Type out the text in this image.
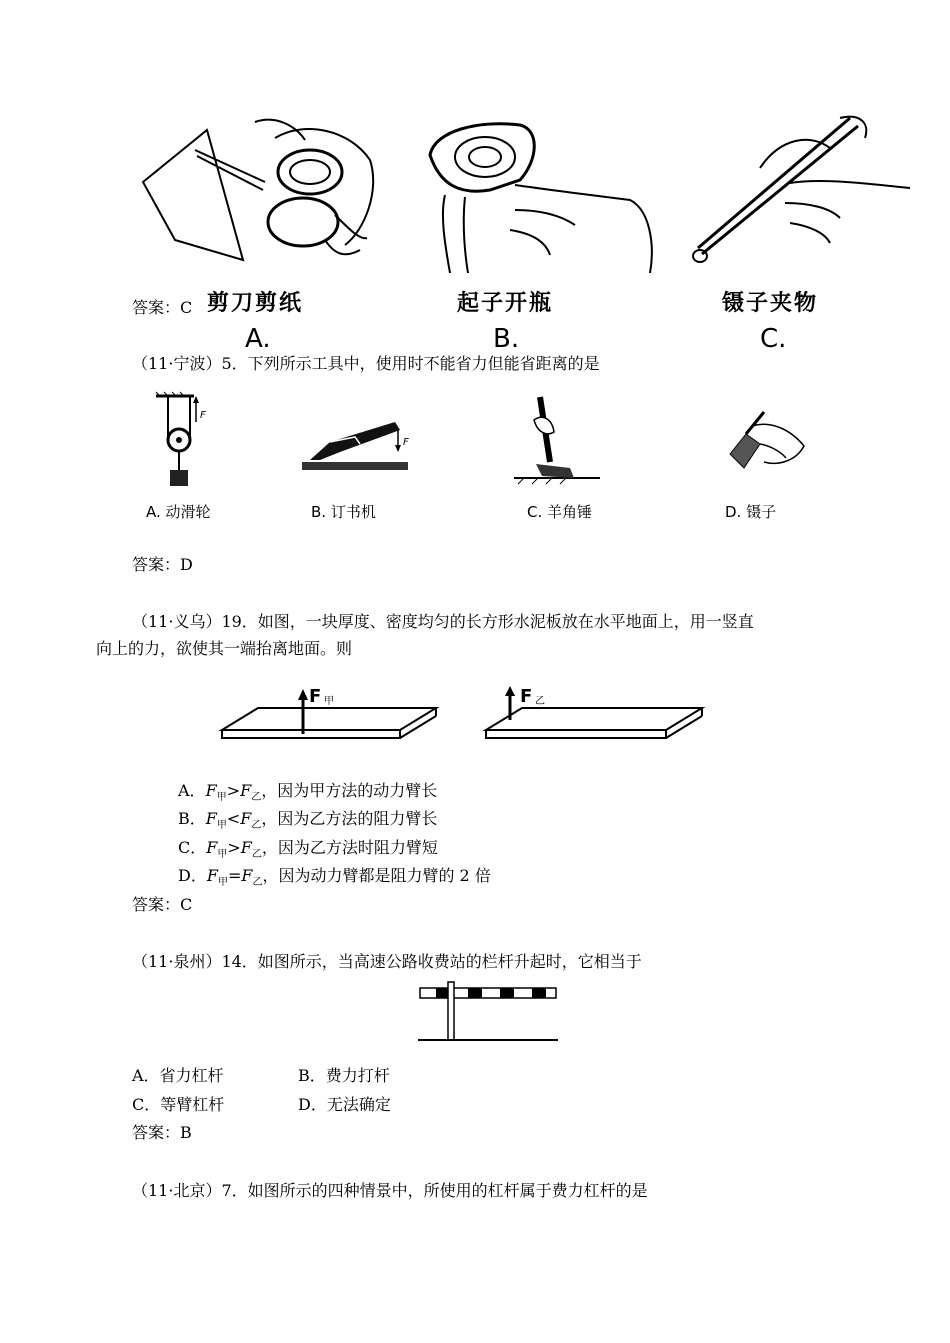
剪刀剪纸	起子开瓶	镊子夹物
A.	B.	C.
答案：C
（11·宁波）5．下列所示工具中，使用时不能省力但能省距离的是
F
F
A. 动滑轮	B. 订书机	C. 羊角锤	D. 镊子
答案：D
（11·义乌）19．如图，一块厚度、密度均匀的长方形水泥板放在水平地面上，用一竖直
向上的力，欲使其一端抬离地面。则
F 甲	F 乙
A．$F_甲>F_乙$，因为甲方法的动力臂长
B．$F_甲<F_乙$，因为乙方法的阻力臂长
C．$F_甲>F_乙$，因为乙方法时阻力臂短
D．$F_甲=F_乙$，因为动力臂都是阻力臂的 2 倍
答案：C
（11·泉州）14．如图所示，当高速公路收费站的栏杆升起时，它相当于
A．省力杠杆	B．费力打杆
C．等臂杠杆	D．无法确定
答案：B
（11·北京）7．如图所示的四种情景中，所使用的杠杆属于费力杠杆的是
